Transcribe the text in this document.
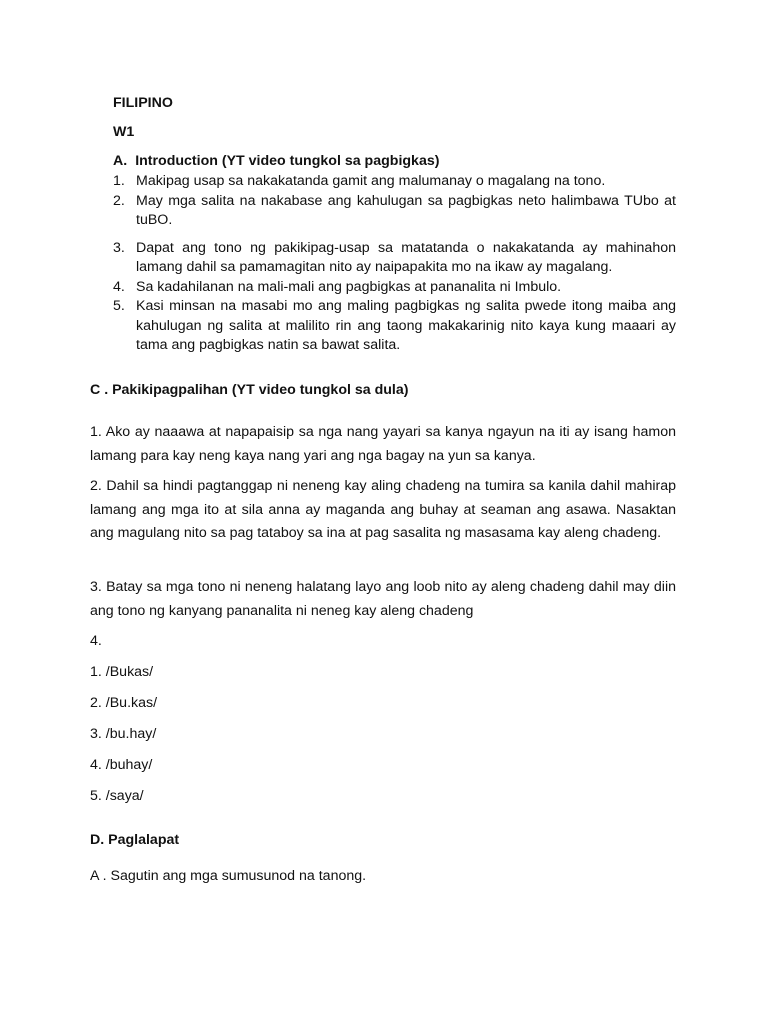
FILIPINO
W1
A. Introduction (YT video tungkol sa pagbigkas)
1. Makipag usap sa nakakatanda gamit ang malumanay o magalang na tono.
2. May mga salita na nakabase ang kahulugan sa pagbigkas neto halimbawa TUbo at tuBO.
3. Dapat ang tono ng pakikipag-usap sa matatanda o nakakatanda ay mahinahon lamang dahil sa pamamagitan nito ay naipapakita mo na ikaw ay magalang.
4. Sa kadahilanan na mali-mali ang pagbigkas at pananalita ni Imbulo.
5. Kasi minsan na masabi mo ang maling pagbigkas ng salita pwede itong maiba ang kahulugan ng salita at malilito rin ang taong makakarinig nito kaya kung maaari ay tama ang pagbigkas natin sa bawat salita.
C . Pakikipagpalihan (YT video tungkol sa dula)

1. Ako ay naaawa at napapaisip sa nga nang yayari sa kanya ngayun na iti ay isang hamon lamang para kay neng kaya nang yari ang nga bagay na yun sa kanya.

2. Dahil sa hindi pagtanggap ni neneng kay aling chadeng na tumira sa kanila dahil mahirap lamang ang mga ito at sila anna ay maganda ang buhay at seaman ang asawa. Nasaktan ang magulang nito sa pag tataboy sa ina at pag sasalita ng masasama kay aleng chadeng.

3. Batay sa mga tono ni neneng halatang layo ang loob nito ay aleng chadeng dahil may diin ang tono ng kanyang pananalita ni neneg kay aleng chadeng

4.

1. /Bukas/

2. /Bu.kas/

3. /bu.hay/

4. /buhay/

5. /saya/

D. Paglalapat

A . Sagutin ang mga sumusunod na tanong.
